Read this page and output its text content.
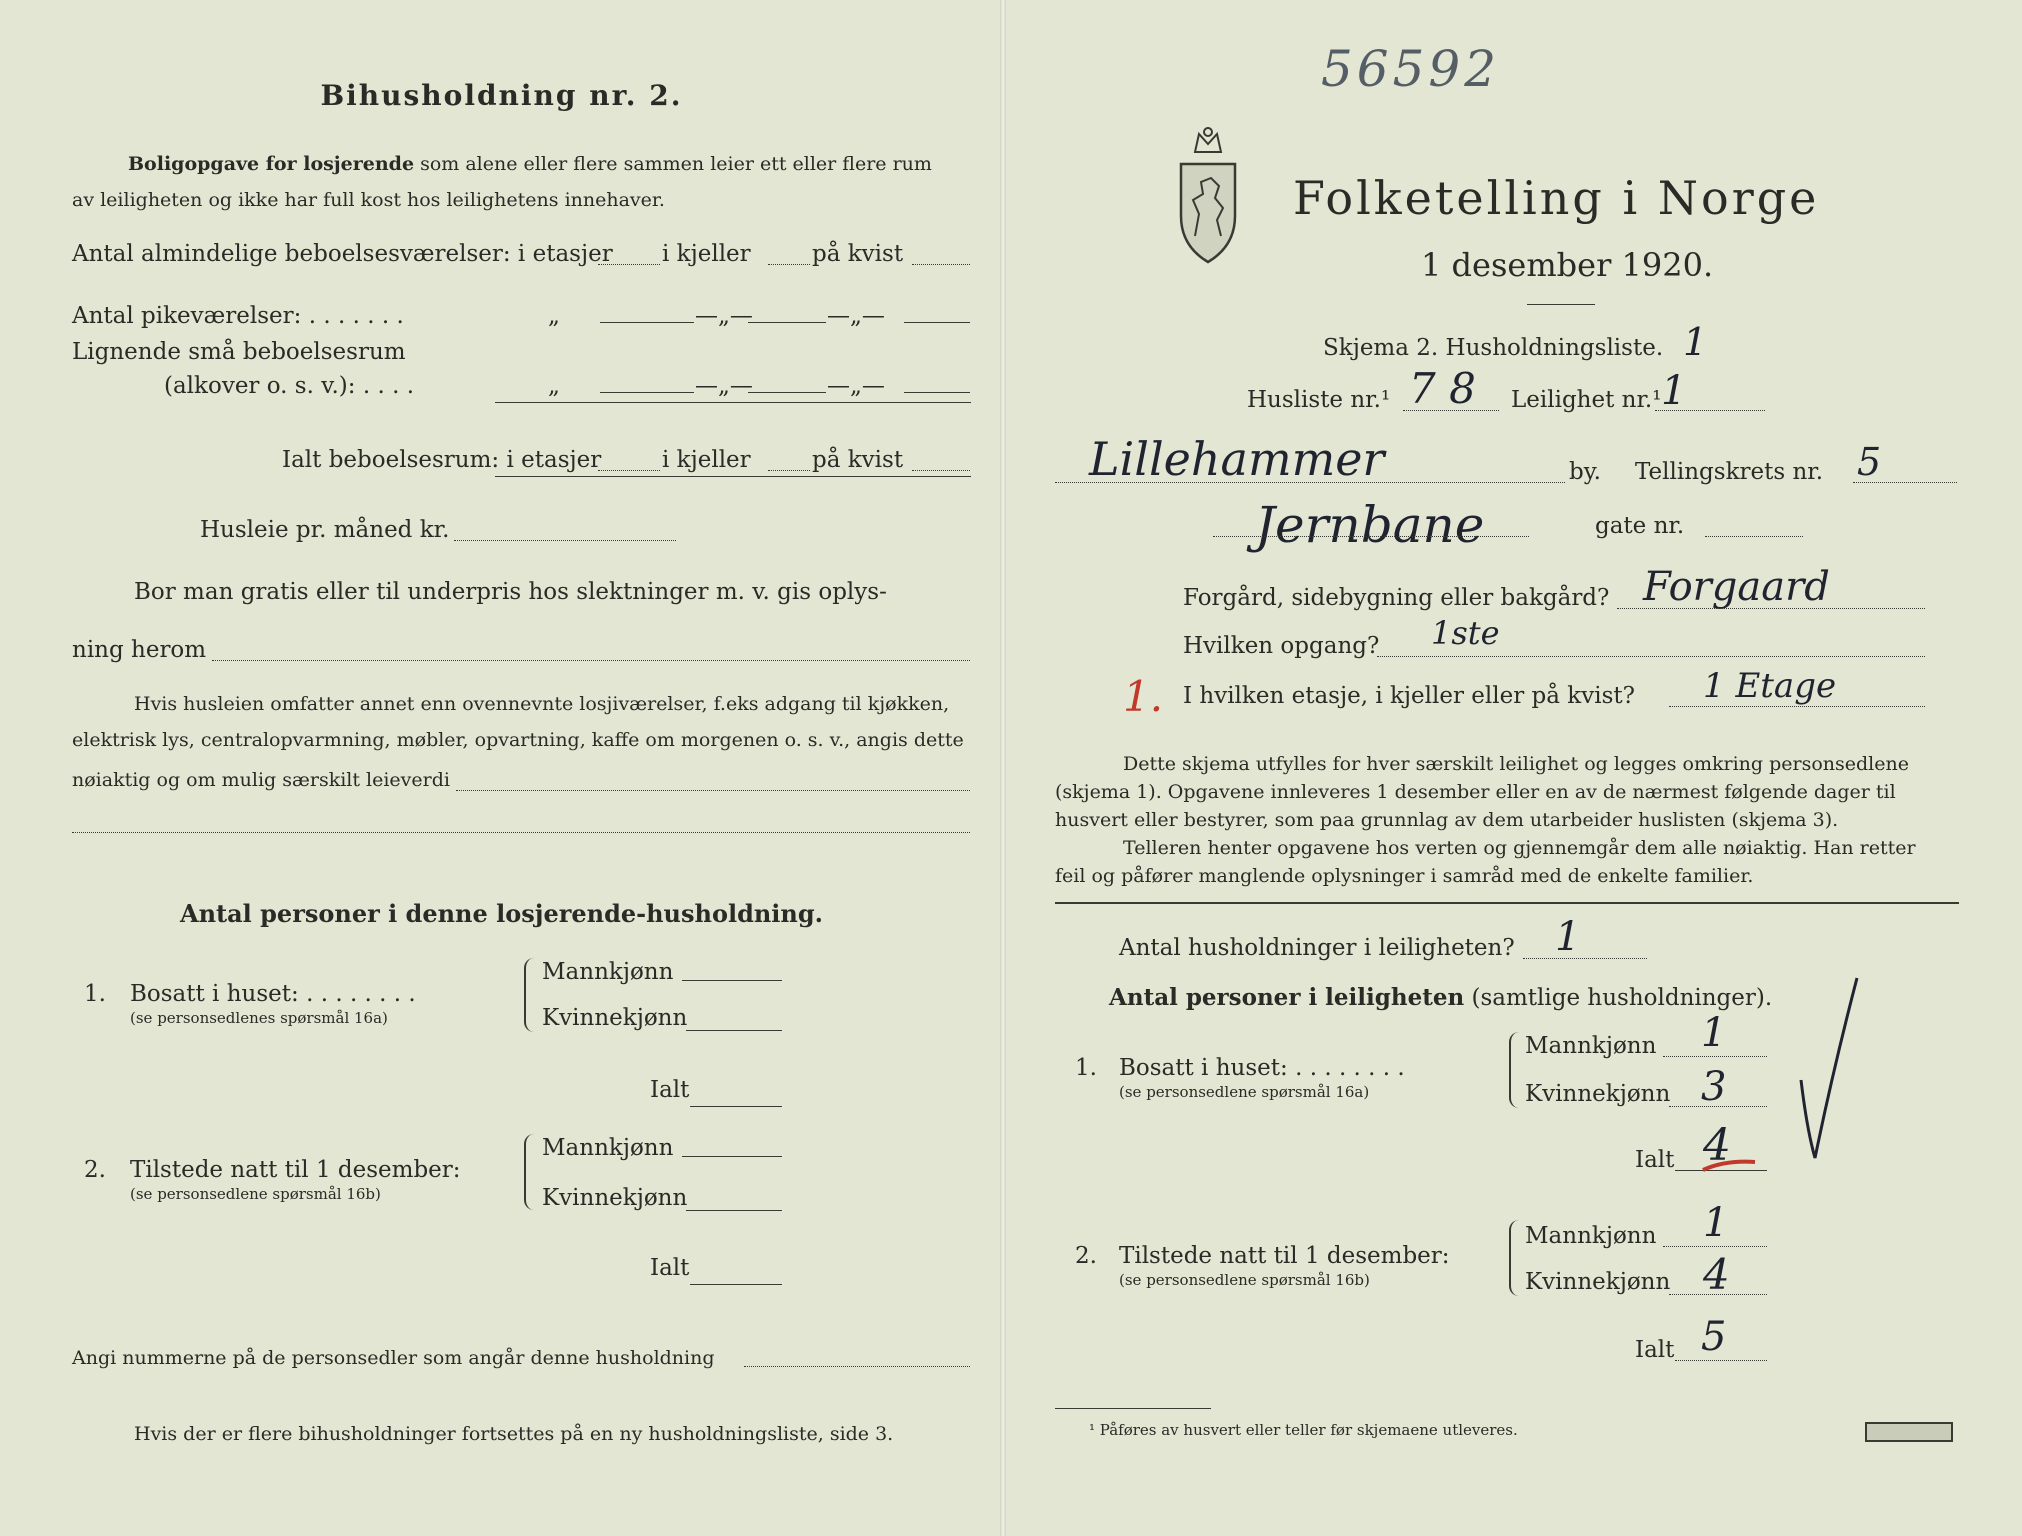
Bihusholdning nr. 2.
Boligopgave for losjerende som alene eller flere sammen leier ett eller flere rum
av leiligheten og ikke har full kost hos leilighetens innehaver.
Antal almindelige beboelsesværelser: i etasjer i kjeller	på kvist
Antal pikeværelser: . . . . . . .	„	—„—	—„—
Lignende små beboelsesrum
(alkover o. s. v.): . . . .	„	—„—	—„—
Ialt beboelsesrum: i etasjer	i kjeller	på kvist
Husleie pr. måned kr.
Bor man gratis eller til underpris hos slektninger m. v. gis oplys-
ning herom
Hvis husleien omfatter annet enn ovennevnte losjiværelser, f.eks adgang til kjøkken,
elektrisk lys, centralopvarmning, møbler, opvartning, kaffe om morgenen o. s. v., angis dette
nøiaktig og om mulig særskilt leieverdi
Antal personer i denne losjerende-husholdning.
1. Bosatt i huset: . . . . . . . .
(se personsedlenes spørsmål 16a)
Mannkjønn
Kvinnekjønn
Ialt
2. Tilstede natt til 1 desember:
(se personsedlene spørsmål 16b)
Mannkjønn
Kvinnekjønn
Ialt
Angi nummerne på de personsedler som angår denne husholdning
Hvis der er flere bihusholdninger fortsettes på en ny husholdningsliste, side 3.
56592
Folketelling i Norge
1 desember 1920.
Skjema 2. Husholdningsliste. 1
Husliste nr.¹ 7 8 Leilighet nr.¹ 1
Lillehammer	by. Tellingskrets nr. 5
Jernbane	gate nr.
Forgård, sidebygning eller bakgård? Forgaard
Hvilken opgang? 1ste
1. I hvilken etasje, i kjeller eller på kvist? 1 Etage
Dette skjema utfylles for hver særskilt leilighet og legges omkring personsedlene
(skjema 1). Opgavene innleveres 1 desember eller en av de nærmest følgende dager til
husvert eller bestyrer, som paa grunnlag av dem utarbeider huslisten (skjema 3).
Telleren henter opgavene hos verten og gjennemgår dem alle nøiaktig. Han retter
feil og påfører manglende oplysninger i samråd med de enkelte familier.
Antal husholdninger i leiligheten? 1
Antal personer i leiligheten (samtlige husholdninger).
1. Bosatt i huset: . . . . . . . .
(se personsedlene spørsmål 16a)
Mannkjønn 1
Kvinnekjønn 3
Ialt 4
2. Tilstede natt til 1 desember:
(se personsedlene spørsmål 16b)
Mannkjønn 1
Kvinnekjønn 4
Ialt 5
¹ Påføres av husvert eller teller før skjemaene utleveres.
